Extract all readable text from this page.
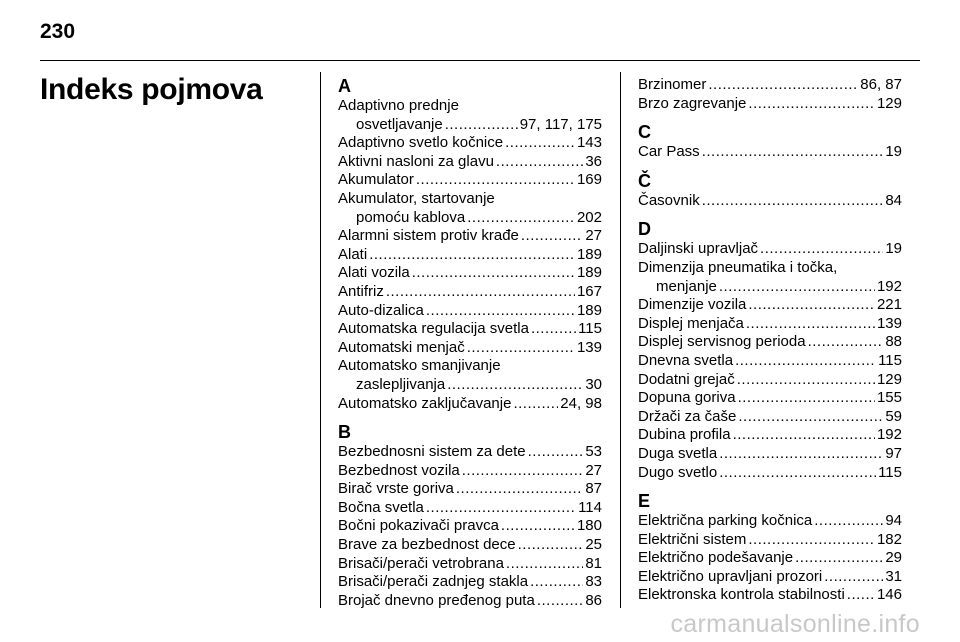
230
Indeks pojmova	A
Adaptivno prednje
osvetljavanje .....	97, 117, 175
Adaptivno svetlo kočnice .....	143
Aktivni nasloni za glavu .....	36
Akumulator .....	169
Akumulator, startovanje
pomoću kablova .....	202
Alarmni sistem protiv krađe .....	27
Alati .....	189
Alati vozila .....	189
Antifriz .....	167
Auto-dizalica .....	189
Automatska regulacija svetla .....	115
Automatski menjač .....	139
Automatsko smanjivanje
zaslepljivanja .....	30
Automatsko zaključavanje .....	24, 98
B
Bezbednosni sistem za dete .....	53
Bezbednost vozila .....	27
Birač vrste goriva .....	87
Bočna svetla .....	114
Bočni pokazivači pravca .....	180
Brave za bezbednost dece .....	25
Brisači/perači vetrobrana .....	81
Brisači/perači zadnjeg stakla .....	83
Brojač dnevno pređenog puta .....	86
Brzinomer .....	86, 87
Brzo zagrevanje .....	129
C
Car Pass .....	19
Č
Časovnik .....	84
D
Daljinski upravljač .....	19
Dimenzija pneumatika i točka,
menjanje .....	192
Dimenzije vozila .....	221
Displej menjača .....	139
Displej servisnog perioda .....	88
Dnevna svetla .....	115
Dodatni grejač .....	129
Dopuna goriva .....	155
Držači za čaše .....	59
Dubina profila .....	192
Duga svetla .....	97
Dugo svetlo .....	115
E
Električna parking kočnica .....	94
Električni sistem .....	182
Električno podešavanje .....	29
Električno upravljani prozori .....	31
Elektronska kontrola stabilnosti ..... 146
carmanualsonline.info
